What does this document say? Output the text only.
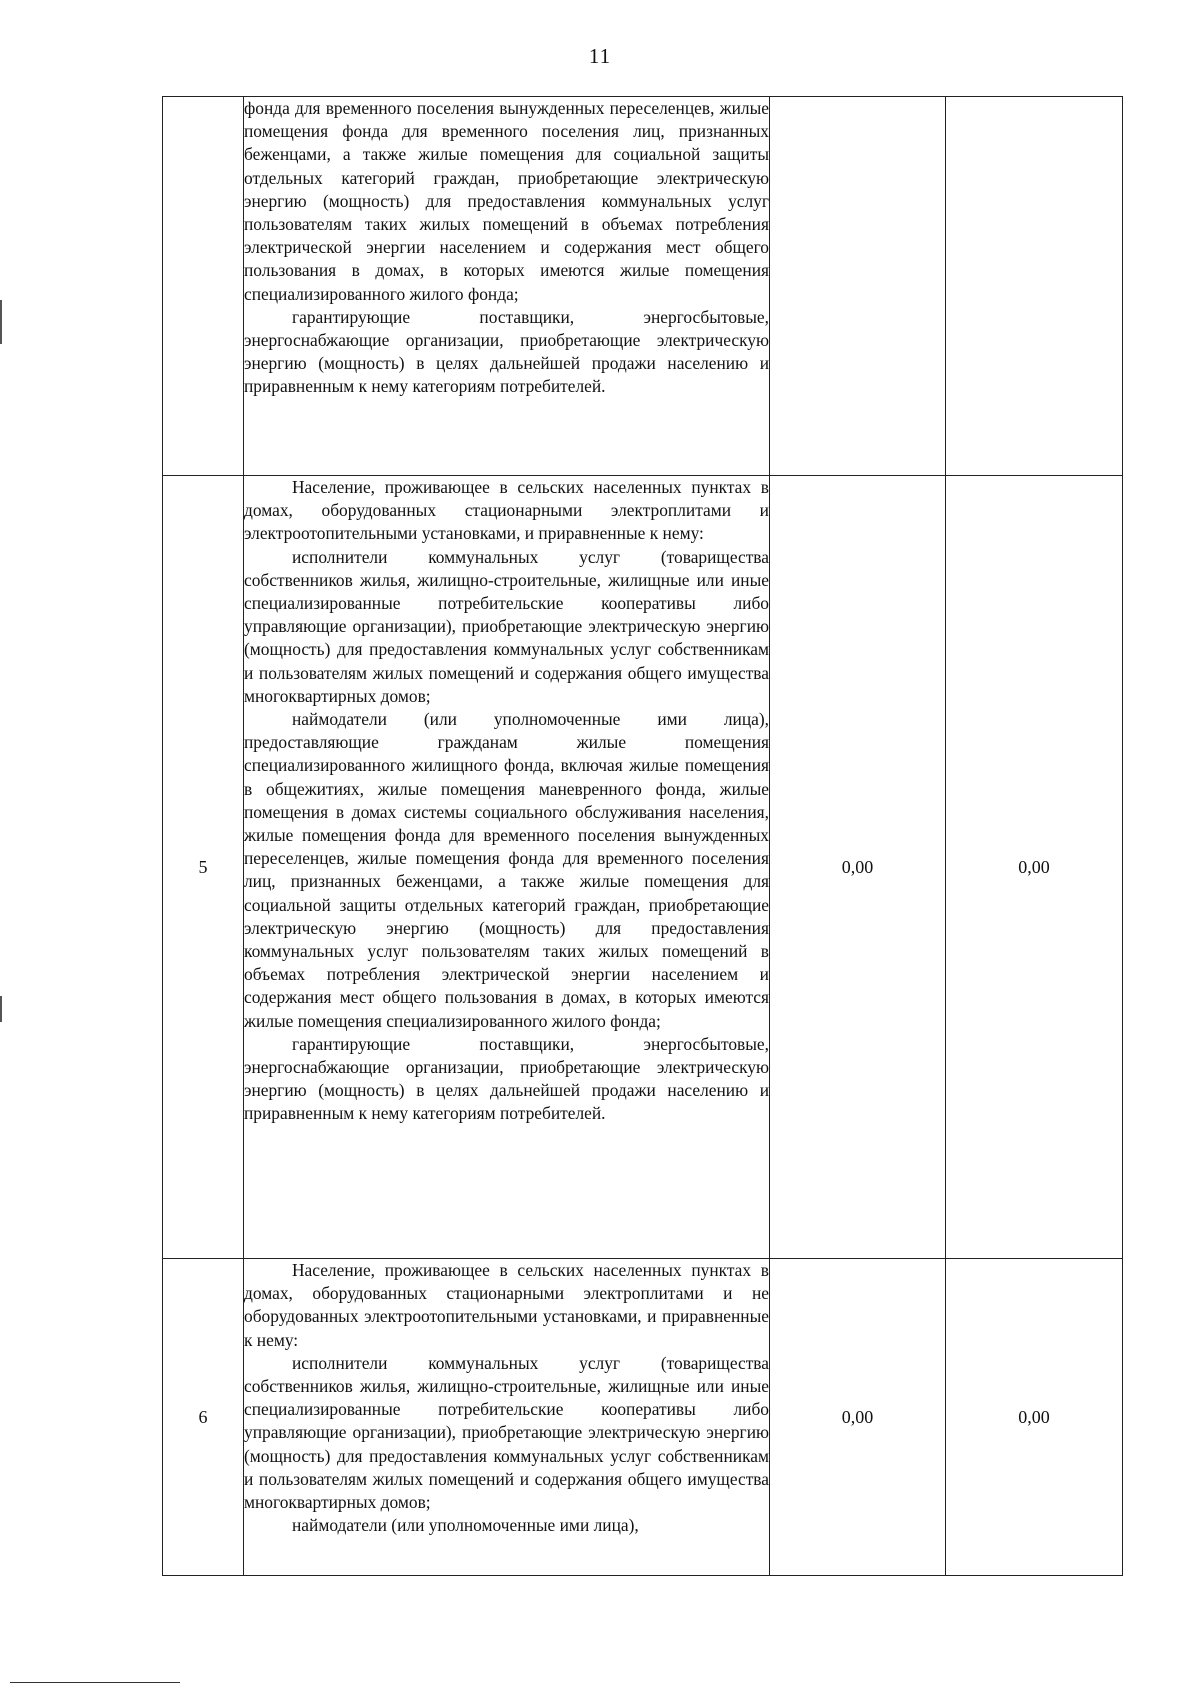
11

	фонда для временного поселения вынужденных переселенцев, жилые помещения фонда для временного поселения лиц, признанных беженцами, а также жилые помещения для социальной защиты отдельных категорий граждан, приобретающие электрическую энергию (мощность) для предоставления коммунальных услуг пользователям таких жилых помещений в объемах потребления электрической энергии населением и содержания мест общего пользования в домах, в которых имеются жилые помещения специализированного жилого фонда;

гарантирующие поставщики, энергосбытовые, энергоснабжающие организации, приобретающие электрическую энергию (мощность) в целях дальнейшей продажи населению и приравненным к нему категориям потребителей.		

5	Население, проживающее в сельских населенных пунктах в домах, оборудованных стационарными электроплитами и электроотопительными установками, и приравненные к нему:

исполнители коммунальных услуг (товарищества собственников жилья, жилищно-строительные, жилищные или иные специализированные потребительские кооперативы либо управляющие организации), приобретающие электрическую энергию (мощность) для предоставления коммунальных услуг собственникам и пользователям жилых помещений и содержания общего имущества многоквартирных домов;

наймодатели (или уполномоченные ими лица), предоставляющие гражданам жилые помещения специализированного жилищного фонда, включая жилые помещения в общежитиях, жилые помещения маневренного фонда, жилые помещения в домах системы социального обслуживания населения, жилые помещения фонда для временного поселения вынужденных переселенцев, жилые помещения фонда для временного поселения лиц, признанных беженцами, а также жилые помещения для социальной защиты отдельных категорий граждан, приобретающие электрическую энергию (мощность) для предоставления коммунальных услуг пользователям таких жилых помещений в объемах потребления электрической энергии населением и содержания мест общего пользования в домах, в которых имеются жилые помещения специализированного жилого фонда;

гарантирующие поставщики, энергосбытовые, энергоснабжающие организации, приобретающие электрическую энергию (мощность) в целях дальнейшей продажи населению и приравненным к нему категориям потребителей.	0,00	0,00
6	Население, проживающее в сельских населенных пунктах в домах, оборудованных стационарными электроплитами и не оборудованных электроотопительными установками, и приравненные к нему:

исполнители коммунальных услуг (товарищества собственников жилья, жилищно-строительные, жилищные или иные специализированные потребительские кооперативы либо управляющие организации), приобретающие электрическую энергию (мощность) для предоставления коммунальных услуг собственникам и пользователям жилых помещений и содержания общего имущества многоквартирных домов;

наймодатели (или уполномоченные ими лица),	0,00	0,00
